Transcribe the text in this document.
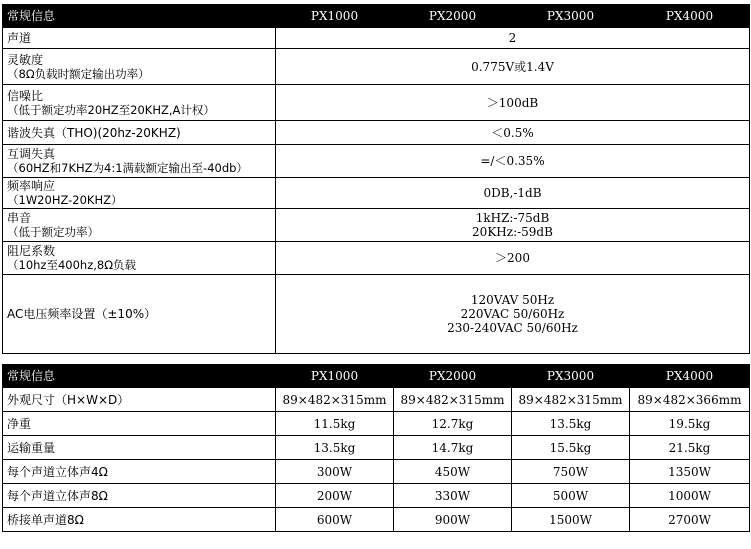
常规信息	PX1000	PX2000	PX3000	PX4000
声道	2			
灵敏度
（8Ω负载时额定输出功率）	0.775V或1.4V			
信噪比
（低于额定功率20HZ至20KHZ,A计权）	＞100dB			
谐波失真（THO)(20hz-20KHZ)	＜0.5%			
互调失真
（60HZ和7KHZ为4:1满载额定输出至-40db）	=/＜0.35%			
频率响应
（1W20HZ-20KHZ）	0DB,-1dB			
串音
（低于额定功率）	1kHZ:-75dB
20KHz:-59dB			

阻尼系数
（10hz至400hz,8Ω负载	＞200			
AC电压频率设置（±10%）	120VAV 50Hz
220VAC 50/60Hz
230-240VAC 50/60Hz			
常规信息	PX1000	PX2000	PX3000	PX4000
外观尺寸（H×W×D）	89×482×315mm	89×482×315mm	89×482×315mm	89×482×366mm
净重	11.5kg	12.7kg	13.5kg	19.5kg
运输重量	13.5kg	14.7kg	15.5kg	21.5kg
每个声道立体声4Ω	300W	450W	750W	1350W
每个声道立体声8Ω	200W	330W	500W	1000W
桥接单声道8Ω	600W	900W	1500W	2700W
